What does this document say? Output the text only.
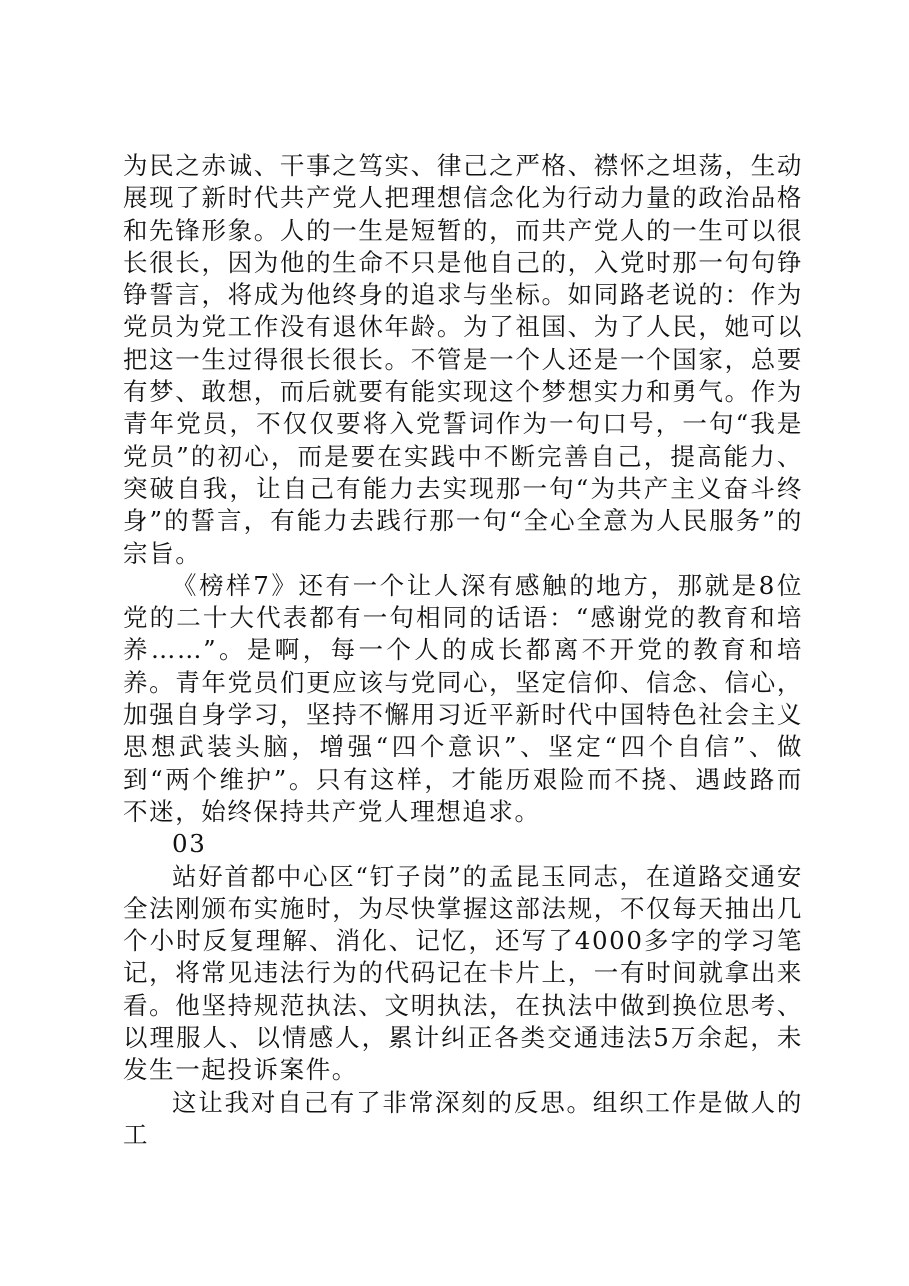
为民之赤诚、干事之笃实、律己之严格、襟怀之坦荡，生动展现了新时代共产党人把理想信念化为行动力量的政治品格和先锋形象。人的一生是短暂的，而共产党人的一生可以很长很长，因为他的生命不只是他自己的，入党时那一句句铮铮誓言，将成为他终身的追求与坐标。如同路老说的：作为党员为党工作没有退休年龄。为了祖国、为了人民，她可以把这一生过得很长很长。不管是一个人还是一个国家，总要有梦、敢想，而后就要有能实现这个梦想实力和勇气。作为青年党员，不仅仅要将入党誓词作为一句口号，一句“我是党员”的初心，而是要在实践中不断完善自己，提高能力、突破自我，让自己有能力去实现那一句“为共产主义奋斗终身”的誓言，有能力去践行那一句“全心全意为人民服务”的宗旨。

《榜样7》还有一个让人深有感触的地方，那就是8位党的二十大代表都有一句相同的话语：“感谢党的教育和培养……”。是啊，每一个人的成长都离不开党的教育和培养。青年党员们更应该与党同心，坚定信仰、信念、信心，加强自身学习，坚持不懈用习近平新时代中国特色社会主义思想武装头脑，增强“四个意识”、坚定“四个自信”、做到“两个维护”。只有这样，才能历艰险而不挠、遇歧路而不迷，始终保持共产党人理想追求。

03

站好首都中心区“钉子岗”的孟昆玉同志，在道路交通安全法刚颁布实施时，为尽快掌握这部法规，不仅每天抽出几个小时反复理解、消化、记忆，还写了4000多字的学习笔记，将常见违法行为的代码记在卡片上，一有时间就拿出来看。他坚持规范执法、文明执法，在执法中做到换位思考、以理服人、以情感人，累计纠正各类交通违法5万余起，未发生一起投诉案件。

这让我对自己有了非常深刻的反思。组织工作是做人的工
